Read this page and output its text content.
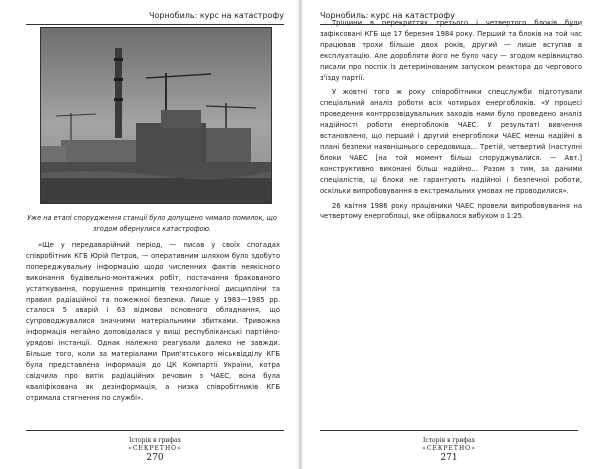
Чорнобиль: курс на катастрофу
Уже на етапі спорудження станції було допущено чимало помилок, що згодом обернулися катастрофою.

«Ще у передаварійний період, — писав у своїх спогадах співробітник КГБ Юрій Петров, — оперативним шляхом було здобуто попереджувальну інформацію щодо численних фактів неякісного виконання будівельно-монтажних робіт, постачання бракованого устаткування, порушення принципів технологічної дисципліни та правил радіаційної та пожежної безпеки. Лише у 1983—1985 рр. сталося 5 аварій і 63 відмови основного обладнання, що супроводжувалися значними матеріальними збитками. Тривожна інформація негайно доповідалася у вищі республіканські партійно-урядові інстанції. Однак належно реагували далеко не завжди. Більше того, коли за матеріалами Прип'ятського міськвідділу КГБ була представлена інформація до ЦК Компартії України, котра свідчила про витік радіаційних речовин з ЧАЕС, вона була кваліфікована як дезінформація, а низка співробітників КГБ отримала стягнення по службі».

Історія в грифах
«СЕКРЕТНО»
270
Чорнобиль: курс на катастрофу

Тріщини в перекриттях третього і четвертого блоків були зафіксовані КГБ ще 17 березня 1984 року. Перший та блоків на той час працював трохи більше двох років, другий — лише вступав в експлуатацію. Але доробляти його не було часу — згодом керівництво писали про поспіх із детермінованим запуском реактора до чергового з'їзду партії.

У жовтні того ж року співробітники спецслужби підготували спеціальний аналіз роботи всіх чотирьох енергоблоків. «У процесі проведення контррозвідувальних заходів нами було проведено аналіз надійності роботи енергоблоків ЧАЕС. У результаті вивчення встановлено, що перший і другий енергоблоки ЧАЕС менш надійні в плані безпеки наявнішнього середовища... Третій, четвертий (наступні блоки ЧАЕС [на той момент більш споруджувалися. — Авт.] конструктивно виконані більш надійно... Разом з тим, за даними спеціалістів, ці блоки не гарантують надійної і безпечної роботи, оскільки випробовування в екстремальних умовах не проводилися».

26 квітня 1986 року працівники ЧАЕС провели випробовування на четвертому енергоблоці, яке обірвалося вибухом о 1:25.

Історія в грифах
«СЕКРЕТНО»
271
